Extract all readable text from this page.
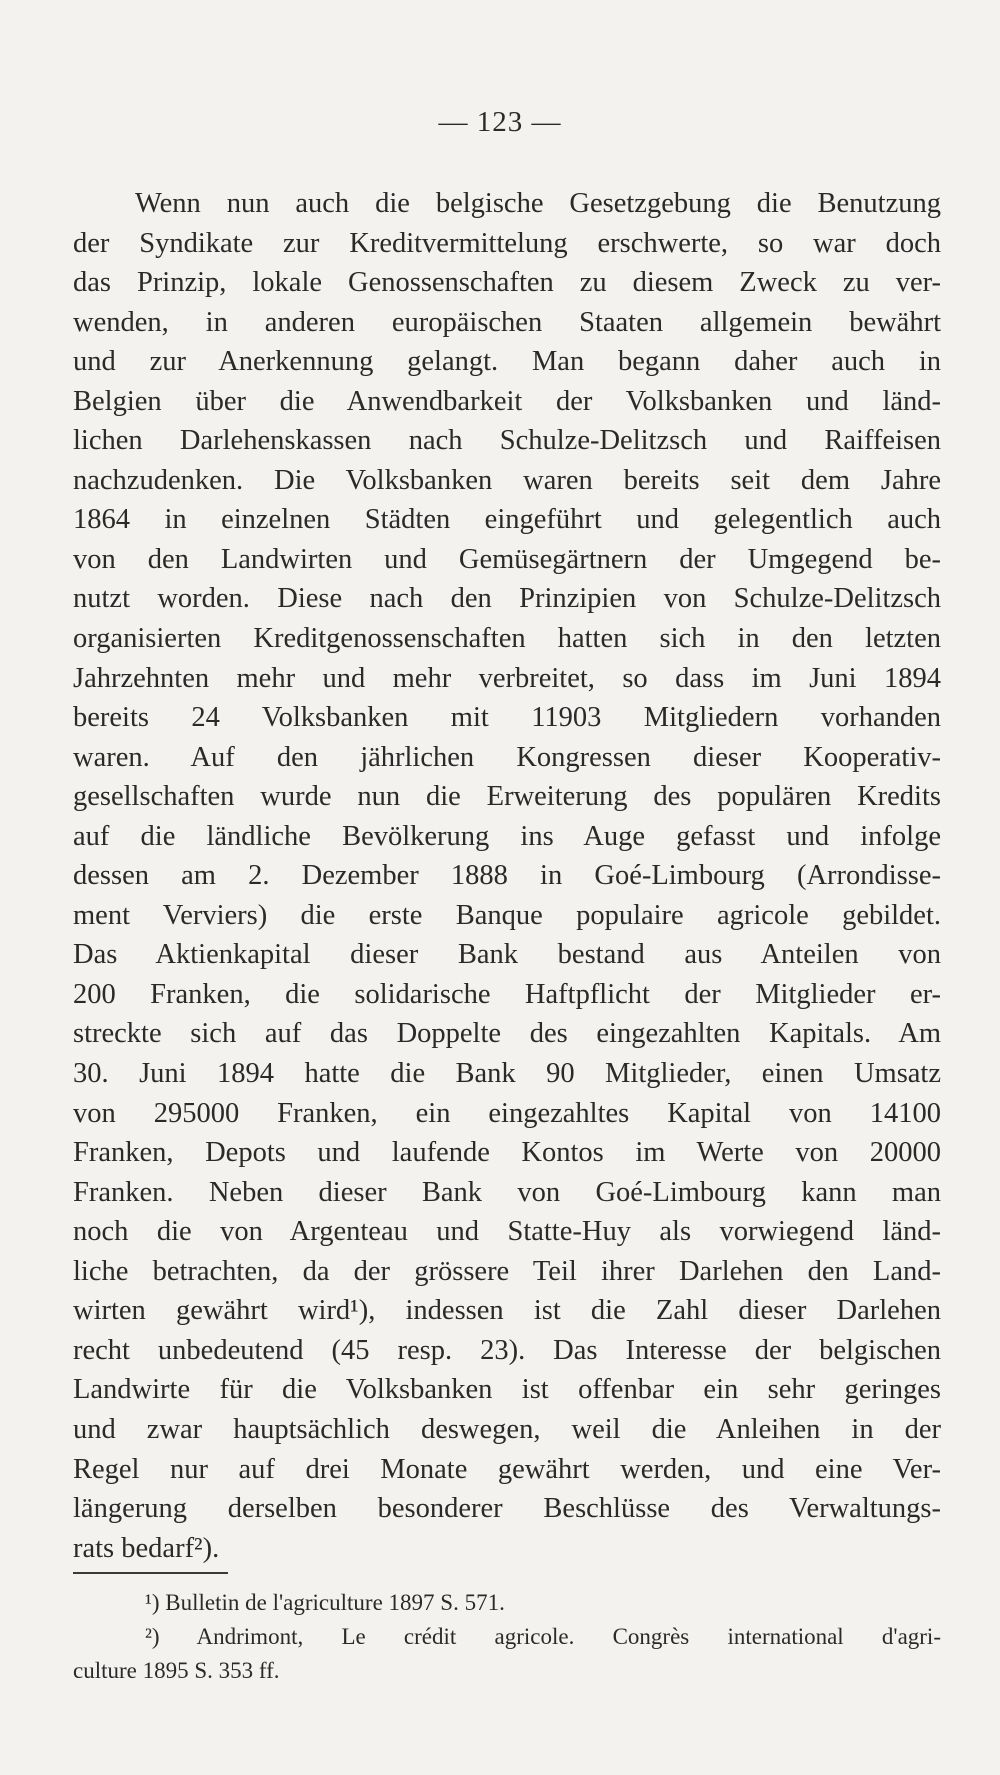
— 123 —
Wenn nun auch die belgische Gesetzgebung die Benutzung
der Syndikate zur Kreditvermittelung erschwerte, so war doch
das Prinzip, lokale Genossenschaften zu diesem Zweck zu ver-
wenden, in anderen europäischen Staaten allgemein bewährt
und zur Anerkennung gelangt. Man begann daher auch in
Belgien über die Anwendbarkeit der Volksbanken und länd-
lichen Darlehenskassen nach Schulze-Delitzsch und Raiffeisen
nachzudenken. Die Volksbanken waren bereits seit dem Jahre
1864 in einzelnen Städten eingeführt und gelegentlich auch
von den Landwirten und Gemüsegärtnern der Umgegend be-
nutzt worden. Diese nach den Prinzipien von Schulze-Delitzsch
organisierten Kreditgenossenschaften hatten sich in den letzten
Jahrzehnten mehr und mehr verbreitet, so dass im Juni 1894
bereits 24 Volksbanken mit 11903 Mitgliedern vorhanden
waren. Auf den jährlichen Kongressen dieser Kooperativ-
gesellschaften wurde nun die Erweiterung des populären Kredits
auf die ländliche Bevölkerung ins Auge gefasst und infolge
dessen am 2. Dezember 1888 in Goé-Limbourg (Arrondisse-
ment Verviers) die erste Banque populaire agricole gebildet.
Das Aktienkapital dieser Bank bestand aus Anteilen von
200 Franken, die solidarische Haftpflicht der Mitglieder er-
streckte sich auf das Doppelte des eingezahlten Kapitals. Am
30. Juni 1894 hatte die Bank 90 Mitglieder, einen Umsatz
von 295000 Franken, ein eingezahltes Kapital von 14100
Franken, Depots und laufende Kontos im Werte von 20000
Franken. Neben dieser Bank von Goé-Limbourg kann man
noch die von Argenteau und Statte-Huy als vorwiegend länd-
liche betrachten, da der grössere Teil ihrer Darlehen den Land-
wirten gewährt wird¹), indessen ist die Zahl dieser Darlehen
recht unbedeutend (45 resp. 23). Das Interesse der belgischen
Landwirte für die Volksbanken ist offenbar ein sehr geringes
und zwar hauptsächlich deswegen, weil die Anleihen in der
Regel nur auf drei Monate gewährt werden, und eine Ver-
längerung derselben besonderer Beschlüsse des Verwaltungs-
rats bedarf²).
¹) Bulletin de l'agriculture 1897 S. 571.
²) Andrimont, Le crédit agricole. Congrès international d'agri-
culture 1895 S. 353 ff.
